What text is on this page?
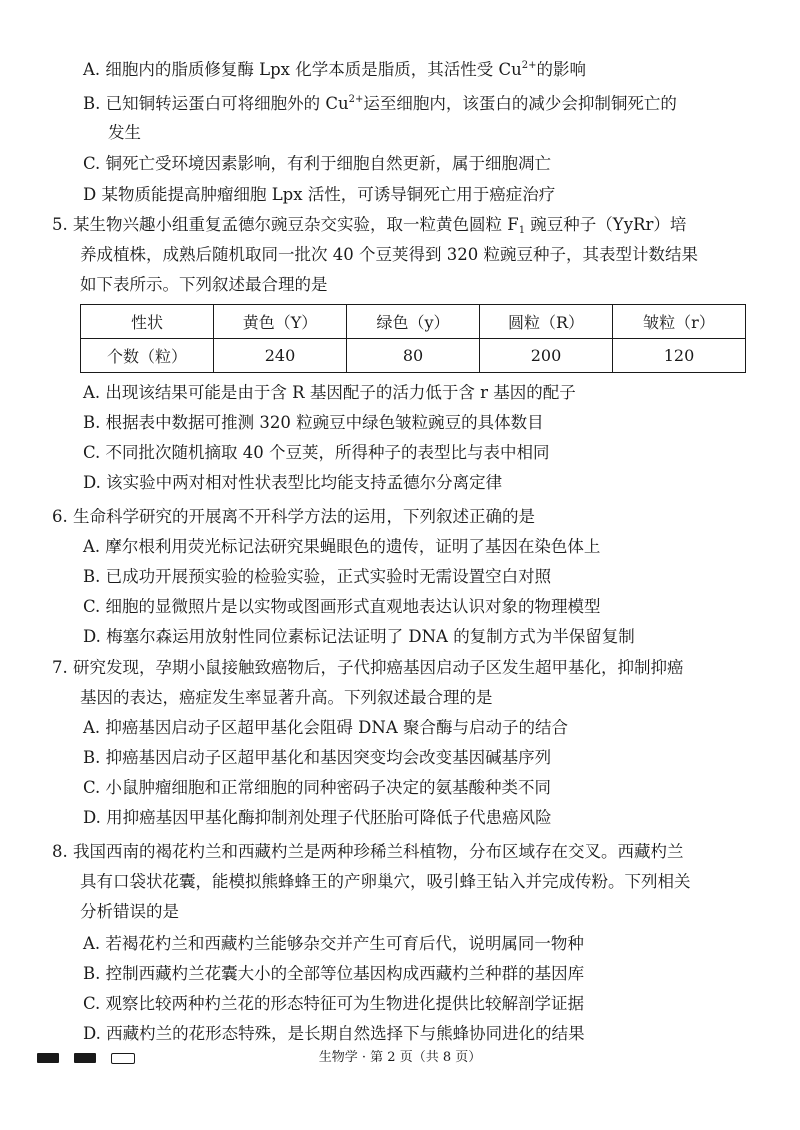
A. 细胞内的脂质修复酶 Lpx 化学本质是脂质，其活性受 $Cu^{2+}$的影响
B. 已知铜转运蛋白可将细胞外的 $Cu^{2+}$运至细胞内，该蛋白的减少会抑制铜死亡的
发生
C. 铜死亡受环境因素影响，有利于细胞自然更新，属于细胞凋亡
D 某物质能提高肿瘤细胞 Lpx 活性，可诱导铜死亡用于癌症治疗
5. 某生物兴趣小组重复孟德尔豌豆杂交实验，取一粒黄色圆粒 $F_1$ 豌豆种子（YyRr）培
养成植株，成熟后随机取同一批次 40 个豆荚得到 320 粒豌豆种子，其表型计数结果
如下表所示。下列叙述最合理的是
性状	黄色（Y）	绿色（y）	圆粒（R）	皱粒（r）
个数（粒）	240	80	200	120
A. 出现该结果可能是由于含 R 基因配子的活力低于含 r 基因的配子
B. 根据表中数据可推测 320 粒豌豆中绿色皱粒豌豆的具体数目
C. 不同批次随机摘取 40 个豆荚，所得种子的表型比与表中相同
D. 该实验中两对相对性状表型比均能支持孟德尔分离定律
6. 生命科学研究的开展离不开科学方法的运用，下列叙述正确的是
A. 摩尔根利用荧光标记法研究果蝇眼色的遗传，证明了基因在染色体上
B. 已成功开展预实验的检验实验，正式实验时无需设置空白对照
C. 细胞的显微照片是以实物或图画形式直观地表达认识对象的物理模型
D. 梅塞尔森运用放射性同位素标记法证明了 DNA 的复制方式为半保留复制
7. 研究发现，孕期小鼠接触致癌物后，子代抑癌基因启动子区发生超甲基化，抑制抑癌
基因的表达，癌症发生率显著升高。下列叙述最合理的是
A. 抑癌基因启动子区超甲基化会阻碍 DNA 聚合酶与启动子的结合
B. 抑癌基因启动子区超甲基化和基因突变均会改变基因碱基序列
C. 小鼠肿瘤细胞和正常细胞的同种密码子决定的氨基酸种类不同
D. 用抑癌基因甲基化酶抑制剂处理子代胚胎可降低子代患癌风险
8. 我国西南的褐花杓兰和西藏杓兰是两种珍稀兰科植物，分布区域存在交叉。西藏杓兰
具有口袋状花囊，能模拟熊蜂蜂王的产卵巢穴，吸引蜂王钻入并完成传粉。下列相关
分析错误的是
A. 若褐花杓兰和西藏杓兰能够杂交并产生可育后代，说明属同一物种
B. 控制西藏杓兰花囊大小的全部等位基因构成西藏杓兰种群的基因库
C. 观察比较两种杓兰花的形态特征可为生物进化提供比较解剖学证据
D. 西藏杓兰的花形态特殊，是长期自然选择下与熊蜂协同进化的结果
生物学 · 第 2 页（共 8 页）
